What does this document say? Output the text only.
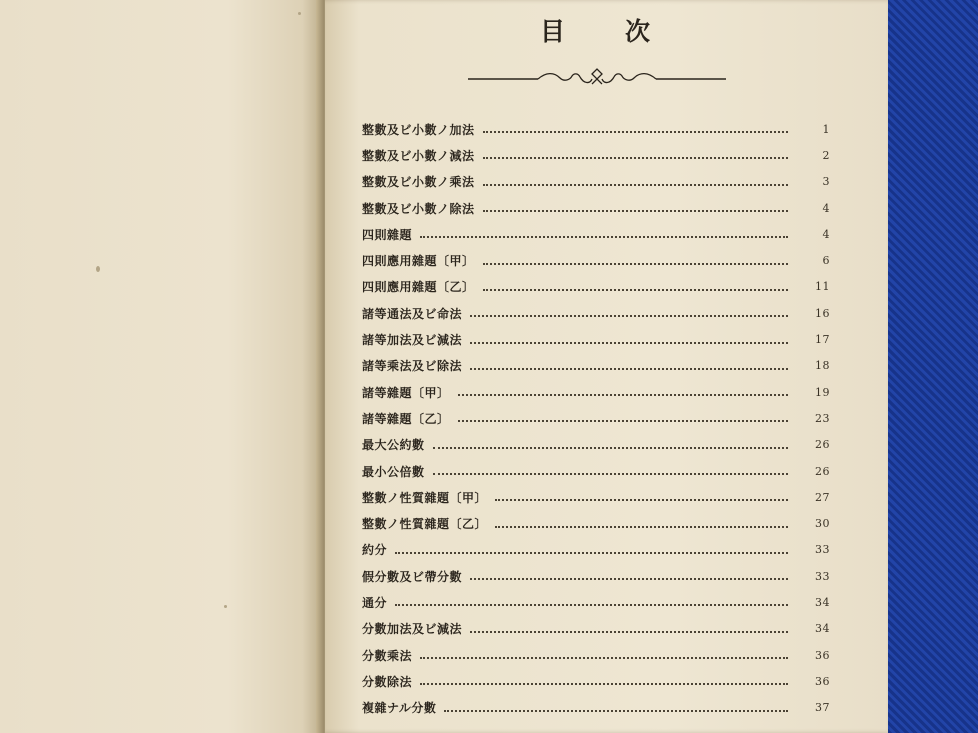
目 次
整數及ビ小數ノ加法	1
整數及ビ小數ノ減法	2
整數及ビ小數ノ乘法	3
整數及ビ小數ノ除法	4
四則雜題	4
四則應用雜題〔甲〕	6
四則應用雜題〔乙〕	11
諸等通法及ビ命法	16
諸等加法及ビ減法	17
諸等乘法及ビ除法	18
諸等雜題〔甲〕	19
諸等雜題〔乙〕	23
最大公約數	26
最小公倍數	26
整數ノ性質雜題〔甲〕	27
整數ノ性質雜題〔乙〕	30
約分	33
假分數及ビ帶分數	33
通分	34
分數加法及ビ減法	34
分數乘法	36
分數除法	36
複雜ナル分數	37
